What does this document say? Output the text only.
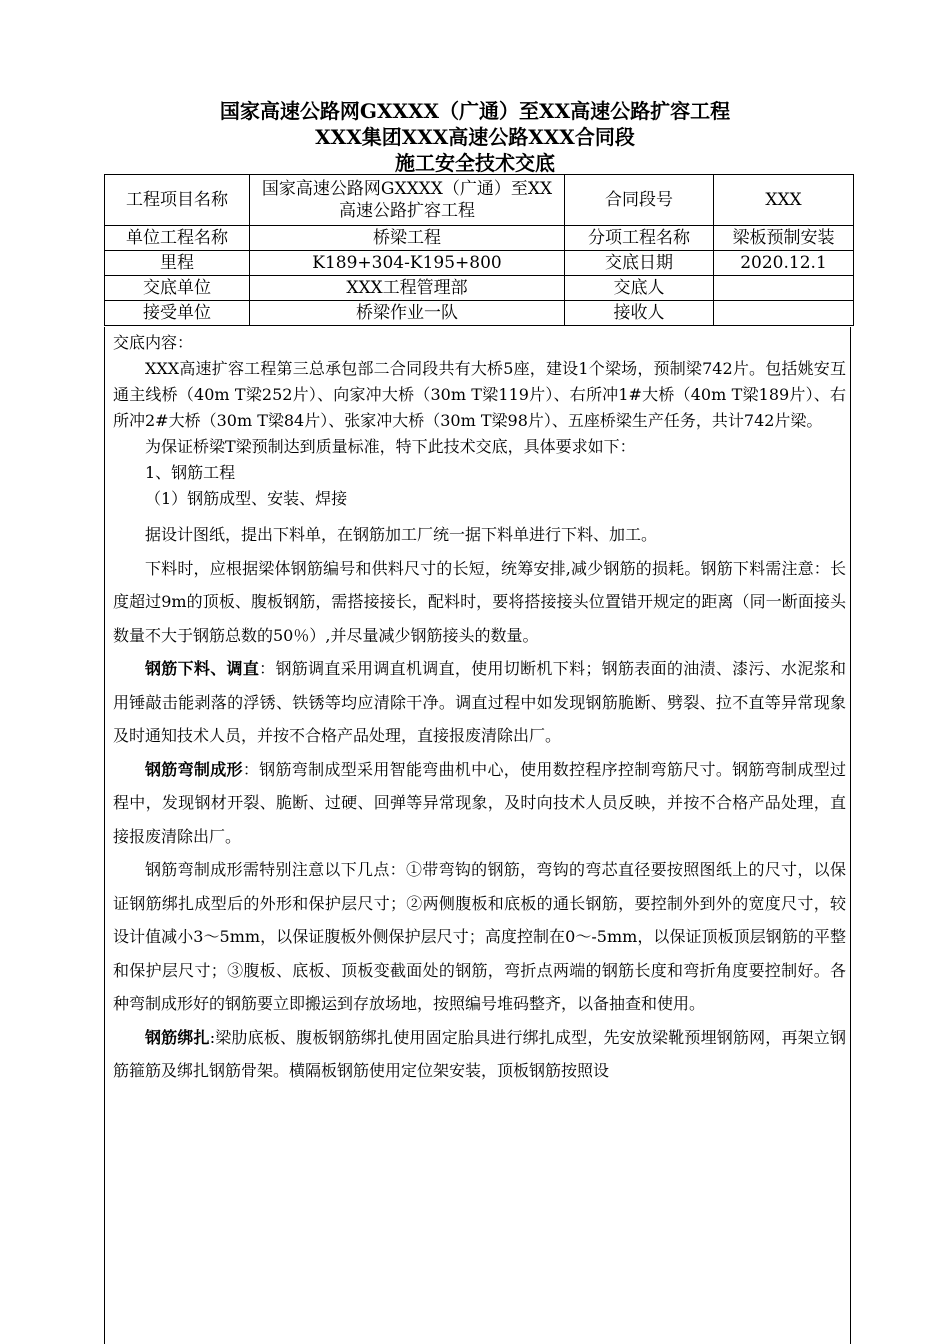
国家高速公路网GXXXX（广通）至XX高速公路扩容工程
XXX集团XXX高速公路XXX合同段
施工安全技术交底
工程项目名称	国家高速公路网GXXXX（广通）至XX高速公路扩容工程	合同段号	XXX
单位工程名称	桥梁工程	分项工程名称	梁板预制安装
里程	K189+304-K195+800	交底日期	2020.12.1
交底单位	XXX工程管理部	交底人	
接受单位	桥梁作业一队	接收人	

交底内容：

XXX高速扩容工程第三总承包部二合同段共有大桥5座，建设1个梁场，预制梁742片。包括姚安互通主线桥（40m T梁252片）、向家冲大桥（30m T梁119片）、右所冲1#大桥（40m T梁189片）、右所冲2#大桥（30m T梁84片）、张家冲大桥（30m T梁98片）、五座桥梁生产任务，共计742片梁。

为保证桥梁T梁预制达到质量标准，特下此技术交底，具体要求如下：

1、钢筋工程

（1）钢筋成型、安装、焊接

据设计图纸，提出下料单，在钢筋加工厂统一据下料单进行下料、加工。

下料时，应根据梁体钢筋编号和供料尺寸的长短，统筹安排,减少钢筋的损耗。钢筋下料需注意：长度超过9m的顶板、腹板钢筋，需搭接接长，配料时，要将搭接接头位置错开规定的距离（同一断面接头数量不大于钢筋总数的50％）,并尽量减少钢筋接头的数量。

钢筋下料、调直：钢筋调直采用调直机调直，使用切断机下料；钢筋表面的油渍、漆污、水泥浆和用锤敲击能剥落的浮锈、铁锈等均应清除干净。调直过程中如发现钢筋脆断、劈裂、拉不直等异常现象及时通知技术人员，并按不合格产品处理，直接报废清除出厂。

钢筋弯制成形：钢筋弯制成型采用智能弯曲机中心，使用数控程序控制弯筋尺寸。钢筋弯制成型过程中，发现钢材开裂、脆断、过硬、回弹等异常现象，及时向技术人员反映，并按不合格产品处理，直接报废清除出厂。

钢筋弯制成形需特别注意以下几点：①带弯钩的钢筋，弯钩的弯芯直径要按照图纸上的尺寸，以保证钢筋绑扎成型后的外形和保护层尺寸；②两侧腹板和底板的通长钢筋，要控制外到外的宽度尺寸，较设计值减小3～5mm，以保证腹板外侧保护层尺寸；高度控制在0～-5mm，以保证顶板顶层钢筋的平整和保护层尺寸；③腹板、底板、顶板变截面处的钢筋，弯折点两端的钢筋长度和弯折角度要控制好。各种弯制成形好的钢筋要立即搬运到存放场地，按照编号堆码整齐，以备抽查和使用。

钢筋绑扎:梁肋底板、腹板钢筋绑扎使用固定胎具进行绑扎成型，先安放梁靴预埋钢筋网，再架立钢筋箍筋及绑扎钢筋骨架。横隔板钢筋使用定位架安装，顶板钢筋按照设
